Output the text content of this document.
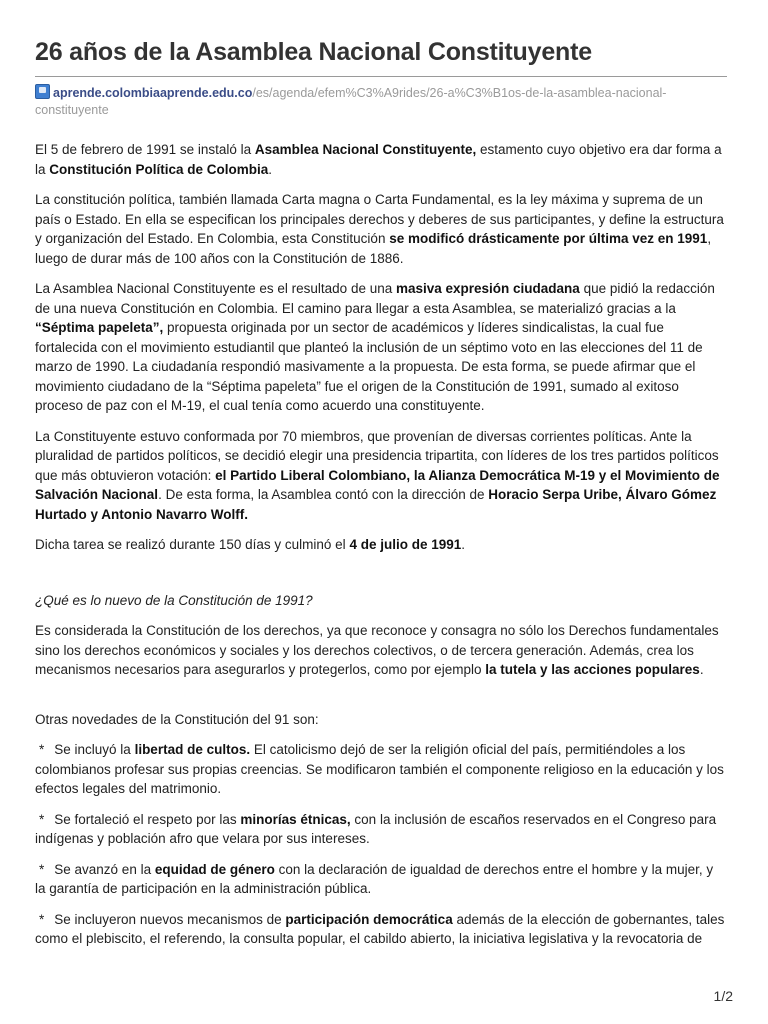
26 años de la Asamblea Nacional Constituyente
aprende.colombiaaprende.edu.co/es/agenda/efem%C3%A9rides/26-a%C3%B1os-de-la-asamblea-nacional-constituyente

El 5 de febrero de 1991 se instaló la Asamblea Nacional Constituyente, estamento cuyo objetivo era dar forma a la Constitución Política de Colombia.

La constitución política, también llamada Carta magna o Carta Fundamental, es la ley máxima y suprema de un país o Estado. En ella se especifican los principales derechos y deberes de sus participantes, y define la estructura y organización del Estado. En Colombia, esta Constitución se modificó drásticamente por última vez en 1991, luego de durar más de 100 años con la Constitución de 1886.

La Asamblea Nacional Constituyente es el resultado de una masiva expresión ciudadana que pidió la redacción de una nueva Constitución en Colombia. El camino para llegar a esta Asamblea, se materializó gracias a la “Séptima papeleta”, propuesta originada por un sector de académicos y líderes sindicalistas, la cual fue fortalecida con el movimiento estudiantil que planteó la inclusión de un séptimo voto en las elecciones del 11 de marzo de 1990. La ciudadanía respondió masivamente a la propuesta. De esta forma, se puede afirmar que el movimiento ciudadano de la “Séptima papeleta” fue el origen de la Constitución de 1991, sumado al exitoso proceso de paz con el M-19, el cual tenía como acuerdo una constituyente.

La Constituyente estuvo conformada por 70 miembros, que provenían de diversas corrientes políticas. Ante la pluralidad de partidos políticos, se decidió elegir una presidencia tripartita, con líderes de los tres partidos políticos que más obtuvieron votación: el Partido Liberal Colombiano, la Alianza Democrática M-19 y el Movimiento de Salvación Nacional. De esta forma, la Asamblea contó con la dirección de Horacio Serpa Uribe, Álvaro Gómez Hurtado y Antonio Navarro Wolff.

Dicha tarea se realizó durante 150 días y culminó el 4 de julio de 1991.

¿Qué es lo nuevo de la Constitución de 1991?

Es considerada la Constitución de los derechos, ya que reconoce y consagra no sólo los Derechos fundamentales sino los derechos económicos y sociales y los derechos colectivos, o de tercera generación. Además, crea los mecanismos necesarios para asegurarlos y protegerlos, como por ejemplo la tutela y las acciones populares.

Otras novedades de la Constitución del 91 son:

* Se incluyó la libertad de cultos. El catolicismo dejó de ser la religión oficial del país, permitiéndoles a los colombianos profesar sus propias creencias. Se modificaron también el componente religioso en la educación y los efectos legales del matrimonio.

* Se fortaleció el respeto por las minorías étnicas, con la inclusión de escaños reservados en el Congreso para indígenas y población afro que velara por sus intereses.

* Se avanzó en la equidad de género con la declaración de igualdad de derechos entre el hombre y la mujer, y la garantía de participación en la administración pública.

* Se incluyeron nuevos mecanismos de participación democrática además de la elección de gobernantes, tales como el plebiscito, el referendo, la consulta popular, el cabildo abierto, la iniciativa legislativa y la revocatoria de

1/2
